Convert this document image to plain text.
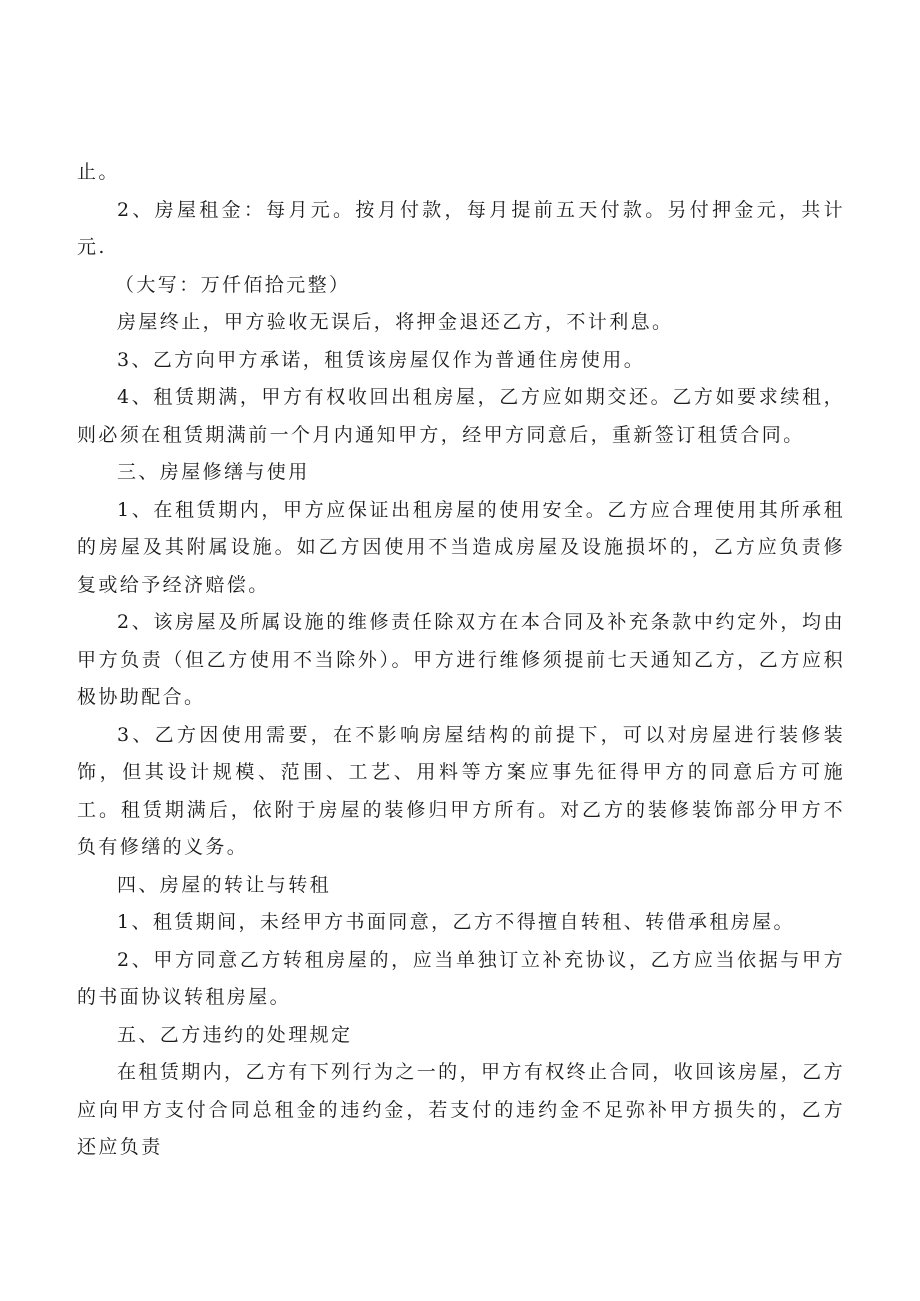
止。

2、房屋租金：每月元。按月付款，每月提前五天付款。另付押金元，共计元.

（大写：万仟佰拾元整）

房屋终止，甲方验收无误后，将押金退还乙方，不计利息。

3、乙方向甲方承诺，租赁该房屋仅作为普通住房使用。

4、租赁期满，甲方有权收回出租房屋，乙方应如期交还。乙方如要求续租，则必须在租赁期满前一个月内通知甲方，经甲方同意后，重新签订租赁合同。

三、房屋修缮与使用

1、在租赁期内，甲方应保证出租房屋的使用安全。乙方应合理使用其所承租的房屋及其附属设施。如乙方因使用不当造成房屋及设施损坏的，乙方应负责修复或给予经济赔偿。

2、该房屋及所属设施的维修责任除双方在本合同及补充条款中约定外，均由甲方负责（但乙方使用不当除外）。甲方进行维修须提前七天通知乙方，乙方应积极协助配合。

3、乙方因使用需要，在不影响房屋结构的前提下，可以对房屋进行装修装饰，但其设计规模、范围、工艺、用料等方案应事先征得甲方的同意后方可施工。租赁期满后，依附于房屋的装修归甲方所有。对乙方的装修装饰部分甲方不负有修缮的义务。

四、房屋的转让与转租

1、租赁期间，未经甲方书面同意，乙方不得擅自转租、转借承租房屋。

2、甲方同意乙方转租房屋的，应当单独订立补充协议，乙方应当依据与甲方的书面协议转租房屋。

五、乙方违约的处理规定

在租赁期内，乙方有下列行为之一的，甲方有权终止合同，收回该房屋，乙方应向甲方支付合同总租金的违约金，若支付的违约金不足弥补甲方损失的，乙方还应负责
